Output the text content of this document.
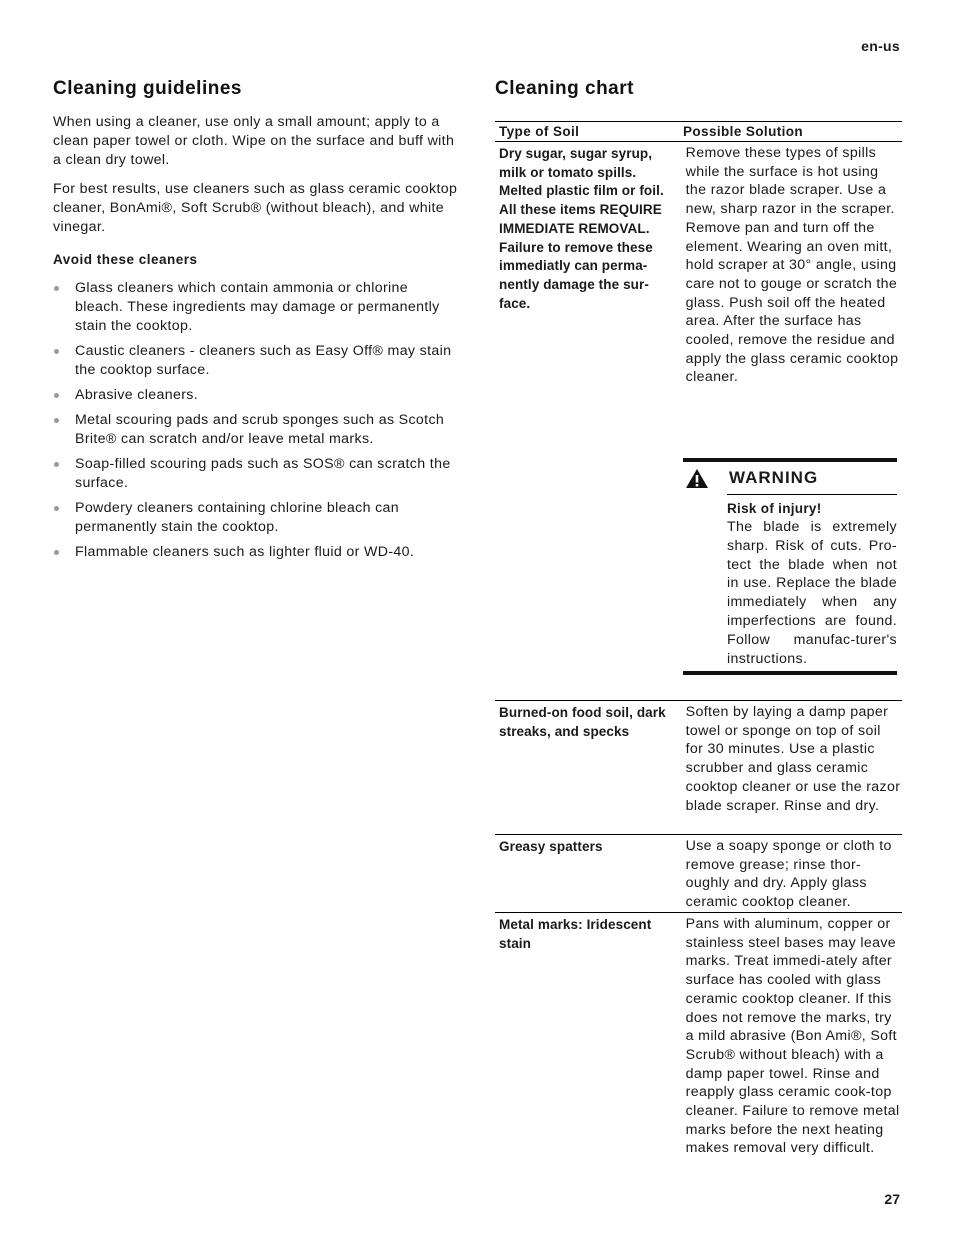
en-us
Cleaning guidelines

When using a cleaner, use only a small amount; apply to a clean paper towel or cloth. Wipe on the surface and buff with a clean dry towel.

For best results, use cleaners such as glass ceramic cooktop cleaner, BonAmi®, Soft Scrub® (without bleach), and white vinegar.

Avoid these cleaners
Glass cleaners which contain ammonia or chlorine bleach. These ingredients may damage or permanently stain the cooktop.
Caustic cleaners - cleaners such as Easy Off® may stain the cooktop surface.
Abrasive cleaners.
Metal scouring pads and scrub sponges such as Scotch Brite® can scratch and/or leave metal marks.
Soap-filled scouring pads such as SOS® can scratch the surface.
Powdery cleaners containing chlorine bleach can permanently stain the cooktop.
Flammable cleaners such as lighter fluid or WD-40.
Cleaning chart
Type of Soil	Possible Solution
Dry sugar, sugar syrup, milk or tomato spills. Melted plastic film or foil. All these items REQUIRE IMMEDIATE REMOVAL. Failure to remove these immediatly can perma-nently damage the sur-face.
Remove these types of spills while the surface is hot using the razor blade scraper. Use a new, sharp razor in the scraper. Remove pan and turn off the element. Wearing an oven mitt, hold scraper at 30° angle, using care not to gouge or scratch the glass. Push soil off the heated area. After the surface has cooled, remove the residue and apply the glass ceramic cooktop cleaner.
WARNING
Risk of injury!
The blade is extremely sharp. Risk of cuts. Pro-tect the blade when not in use. Replace the blade immediately when any imperfections are found. Follow manufac-turer's instructions.
Burned-on food soil, dark streaks, and specks
Soften by laying a damp paper towel or sponge on top of soil for 30 minutes. Use a plastic scrubber and glass ceramic cooktop cleaner or use the razor blade scraper. Rinse and dry.
Greasy spatters	Use a soapy sponge or cloth to remove grease; rinse thor-oughly and dry. Apply glass ceramic cooktop cleaner.
Metal marks: Iridescent stain
Pans with aluminum, copper or stainless steel bases may leave marks. Treat immedi-ately after surface has cooled with glass ceramic cooktop cleaner. If this does not remove the marks, try a mild abrasive (Bon Ami®, Soft Scrub® without bleach) with a damp paper towel. Rinse and reapply glass ceramic cook-top cleaner. Failure to remove metal marks before the next heating makes removal very difficult.
27
